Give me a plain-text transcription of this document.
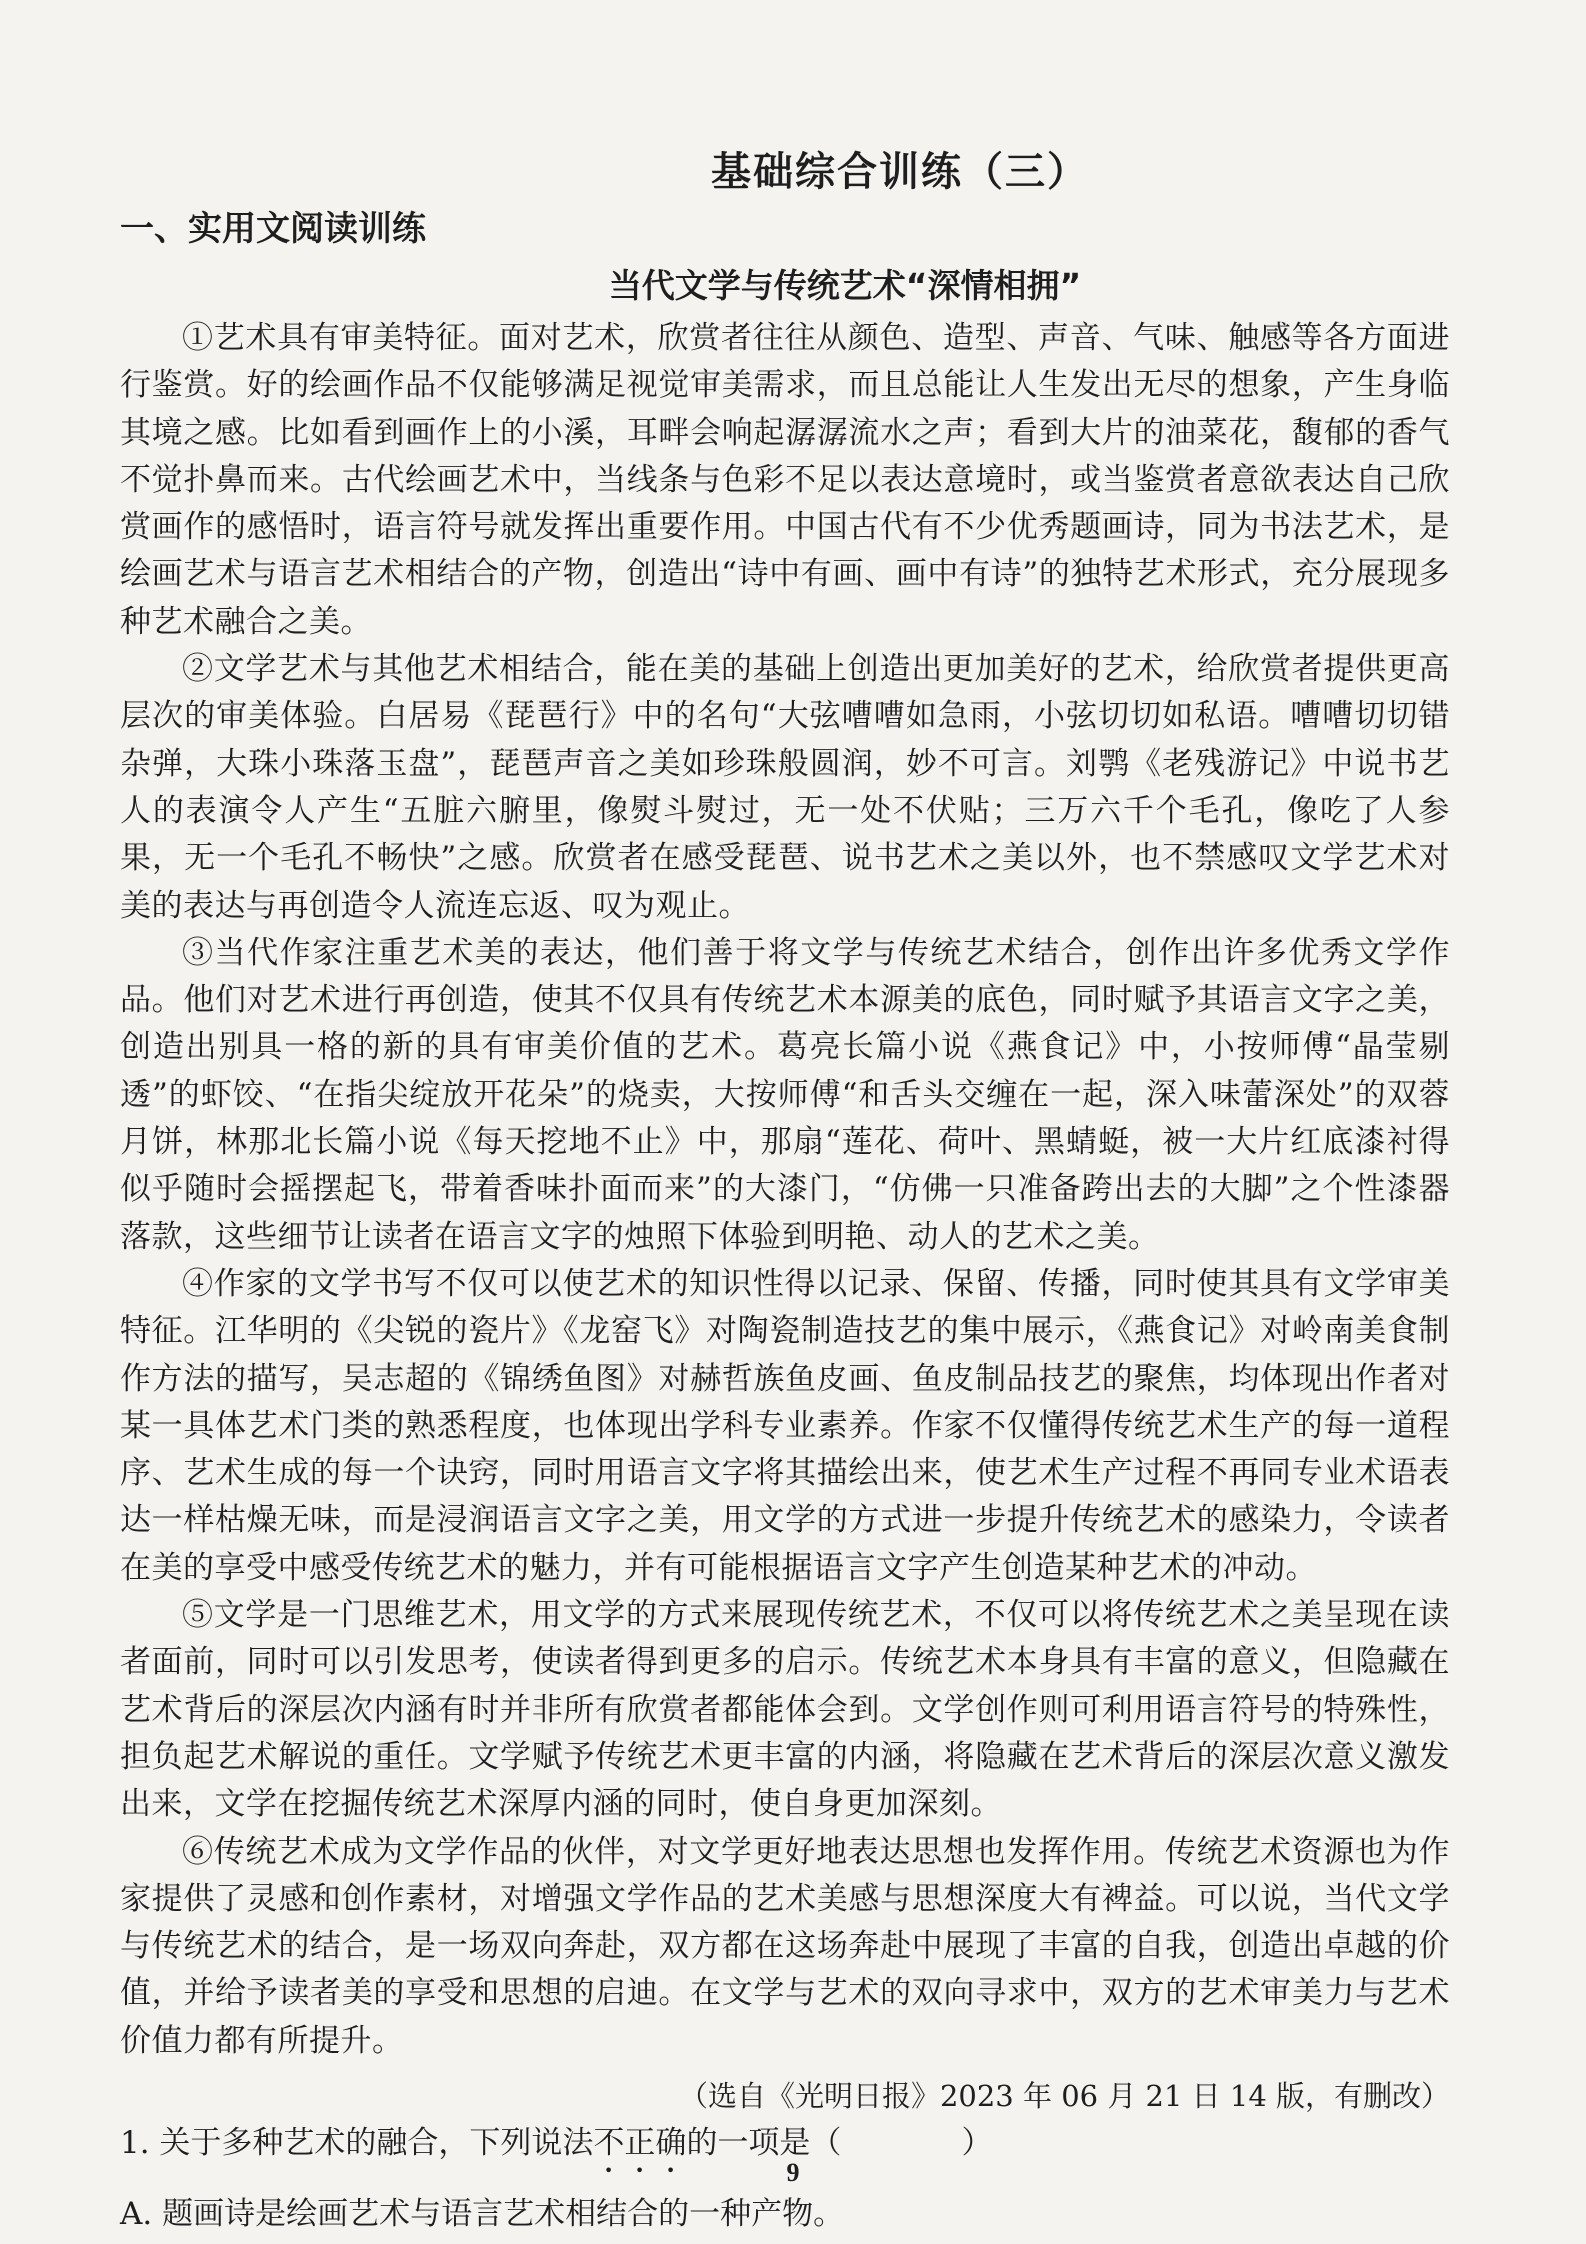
基础综合训练（三）
一、实用文阅读训练
当代文学与传统艺术“深情相拥”

①艺术具有审美特征。面对艺术，欣赏者往往从颜色、造型、声音、气味、触感等各方面进行鉴赏。好的绘画作品不仅能够满足视觉审美需求，而且总能让人生发出无尽的想象，产生身临其境之感。比如看到画作上的小溪，耳畔会响起潺潺流水之声；看到大片的油菜花，馥郁的香气不觉扑鼻而来。古代绘画艺术中，当线条与色彩不足以表达意境时，或当鉴赏者意欲表达自己欣赏画作的感悟时，语言符号就发挥出重要作用。中国古代有不少优秀题画诗，同为书法艺术，是绘画艺术与语言艺术相结合的产物，创造出“诗中有画、画中有诗”的独特艺术形式，充分展现多种艺术融合之美。

②文学艺术与其他艺术相结合，能在美的基础上创造出更加美好的艺术，给欣赏者提供更高层次的审美体验。白居易《琵琶行》中的名句“大弦嘈嘈如急雨，小弦切切如私语。嘈嘈切切错杂弹，大珠小珠落玉盘”，琵琶声音之美如珍珠般圆润，妙不可言。刘鹗《老残游记》中说书艺人的表演令人产生“五脏六腑里，像熨斗熨过，无一处不伏贴；三万六千个毛孔，像吃了人参果，无一个毛孔不畅快”之感。欣赏者在感受琵琶、说书艺术之美以外，也不禁感叹文学艺术对美的表达与再创造令人流连忘返、叹为观止。

③当代作家注重艺术美的表达，他们善于将文学与传统艺术结合，创作出许多优秀文学作品。他们对艺术进行再创造，使其不仅具有传统艺术本源美的底色，同时赋予其语言文字之美，创造出别具一格的新的具有审美价值的艺术。葛亮长篇小说《燕食记》中，小按师傅“晶莹剔透”的虾饺、“在指尖绽放开花朵”的烧卖，大按师傅“和舌头交缠在一起，深入味蕾深处”的双蓉月饼，林那北长篇小说《每天挖地不止》中，那扇“莲花、荷叶、黑蜻蜓，被一大片红底漆衬得似乎随时会摇摆起飞，带着香味扑面而来”的大漆门，“仿佛一只准备跨出去的大脚”之个性漆器落款，这些细节让读者在语言文字的烛照下体验到明艳、动人的艺术之美。

④作家的文学书写不仅可以使艺术的知识性得以记录、保留、传播，同时使其具有文学审美特征。江华明的《尖锐的瓷片》《龙窑飞》对陶瓷制造技艺的集中展示，《燕食记》对岭南美食制作方法的描写，吴志超的《锦绣鱼图》对赫哲族鱼皮画、鱼皮制品技艺的聚焦，均体现出作者对某一具体艺术门类的熟悉程度，也体现出学科专业素养。作家不仅懂得传统艺术生产的每一道程序、艺术生成的每一个诀窍，同时用语言文字将其描绘出来，使艺术生产过程不再同专业术语表达一样枯燥无味，而是浸润语言文字之美，用文学的方式进一步提升传统艺术的感染力，令读者在美的享受中感受传统艺术的魅力，并有可能根据语言文字产生创造某种艺术的冲动。

⑤文学是一门思维艺术，用文学的方式来展现传统艺术，不仅可以将传统艺术之美呈现在读者面前，同时可以引发思考，使读者得到更多的启示。传统艺术本身具有丰富的意义，但隐藏在艺术背后的深层次内涵有时并非所有欣赏者都能体会到。文学创作则可利用语言符号的特殊性，担负起艺术解说的重任。文学赋予传统艺术更丰富的内涵，将隐藏在艺术背后的深层次意义激发出来，文学在挖掘传统艺术深厚内涵的同时，使自身更加深刻。

⑥传统艺术成为文学作品的伙伴，对文学更好地表达思想也发挥作用。传统艺术资源也为作家提供了灵感和创作素材，对增强文学作品的艺术美感与思想深度大有裨益。可以说，当代文学与传统艺术的结合，是一场双向奔赴，双方都在这场奔赴中展现了丰富的自我，创造出卓越的价值，并给予读者美的享受和思想的启迪。在文学与艺术的双向寻求中，双方的艺术审美力与艺术价值力都有所提升。

（选自《光明日报》2023 年 06 月 21 日 14 版，有删改）

1. 关于多种艺术的融合，下列说法不正确的一项是（	）

A. 题画诗是绘画艺术与语言艺术相结合的一种产物。

9
